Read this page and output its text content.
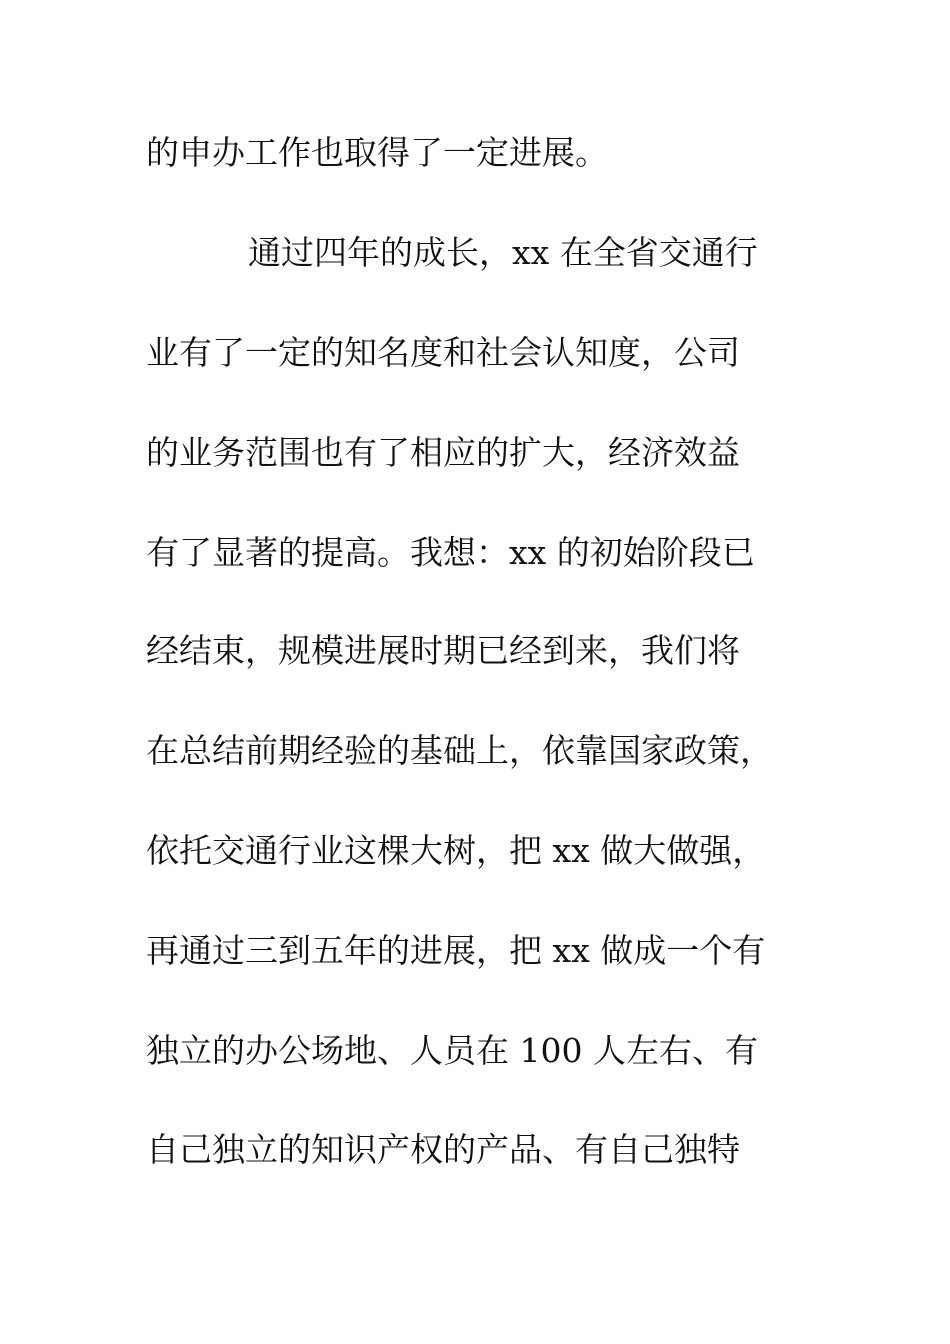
的申办工作也取得了一定进展。
通过四年的成长，xx 在全省交通行
业有了一定的知名度和社会认知度，公司
的业务范围也有了相应的扩大，经济效益
有了显著的提高。我想：xx 的初始阶段已
经结束，规模进展时期已经到来，我们将
在总结前期经验的基础上，依靠国家政策，
依托交通行业这棵大树，把 xx 做大做强，
再通过三到五年的进展，把 xx 做成一个有
独立的办公场地、人员在 100 人左右、有
自己独立的知识产权的产品、有自己独特
